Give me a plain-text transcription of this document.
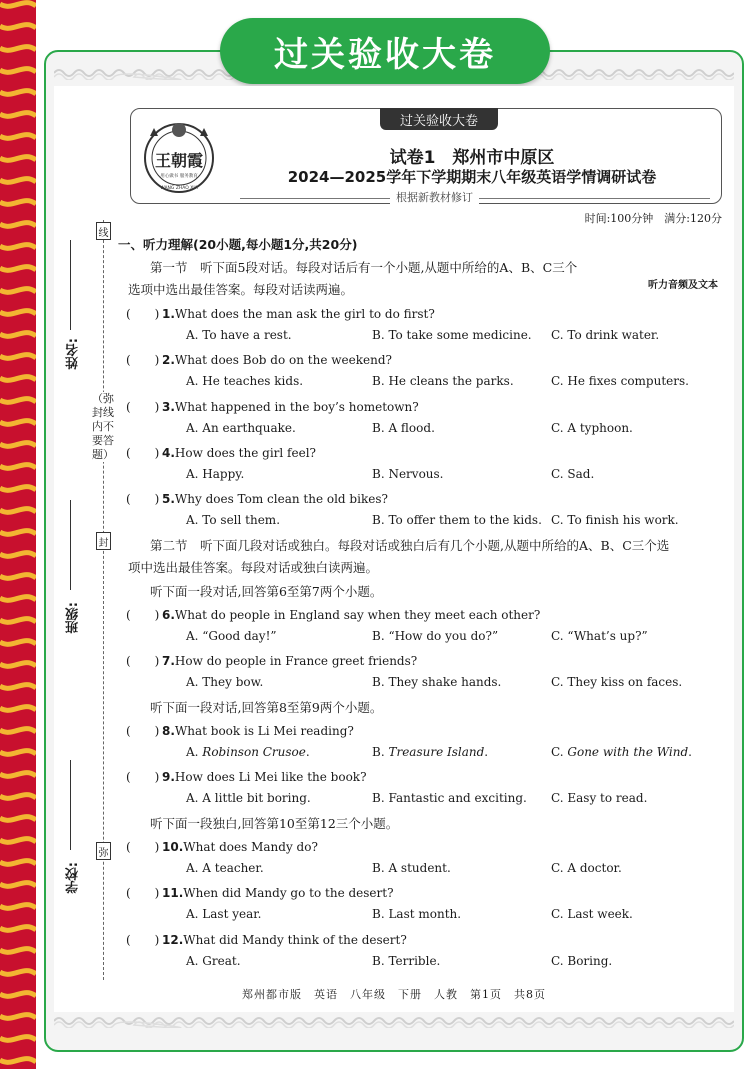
过关验收大卷
过关验收大卷
王朝霞
用心做书 服务教育
WANG ZHAO XIA
试卷1　郑州市中原区
2024—2025学年下学期期末八年级英语学情调研试卷
根据新教材修订
时间:100分钟　满分:120分
线
（弥封线内不要答题）
封
弥
姓名:
班级:
学校:
一、听力理解(20小题,每小题1分,共20分)
第一节　听下面5段对话。每段对话后有一个小题,从题中所给的A、B、C三个
选项中选出最佳答案。每段对话读两遍。	听力音频及文本
(　　) 1.What does the man ask the girl to do first?
A. To have a rest.	B. To take some medicine. C. To drink water.
(　　) 2.What does Bob do on the weekend?
A. He teaches kids.	B. He cleans the parks.	C. He fixes computers.
(　　) 3.What happened in the boy’s hometown?
A. An earthquake.	B. A flood.	C. A typhoon.
(　　) 4.How does the girl feel?
A. Happy.	B. Nervous.	C. Sad.
(　　) 5.Why does Tom clean the old bikes?
A. To sell them.	B. To offer them to the kids. C. To finish his work.
(　　) 6.What do people in England say when they meet each other?
A. “Good day!”	B. “How do you do?”	C. “What’s up?”
(　　) 7.How do people in France greet friends?
A. They bow.	B. They shake hands.	C. They kiss on faces.
(　　) 8.What book is Li Mei reading?
A. Robinson Crusoe.	B. Treasure Island.	C. Gone with the Wind.
(　　) 9.How does Li Mei like the book?
A. A little bit boring.	B. Fantastic and exciting. C. Easy to read.
(　　) 10.What does Mandy do?
A. A teacher.	B. A student.	C. A doctor.
(　　) 11.When did Mandy go to the desert?
A. Last year.	B. Last month.	C. Last week.
(　　) 12.What did Mandy think of the desert?
A. Great.	B. Terrible.	C. Boring.
第二节　听下面几段对话或独白。每段对话或独白后有几个小题,从题中所给的A、B、C三个选
项中选出最佳答案。每段对话或独白读两遍。
听下面一段对话,回答第6至第7两个小题。
听下面一段对话,回答第8至第9两个小题。
听下面一段独白,回答第10至第12三个小题。
郑州都市版　英语　八年级　下册　人教　第1页　共8页
